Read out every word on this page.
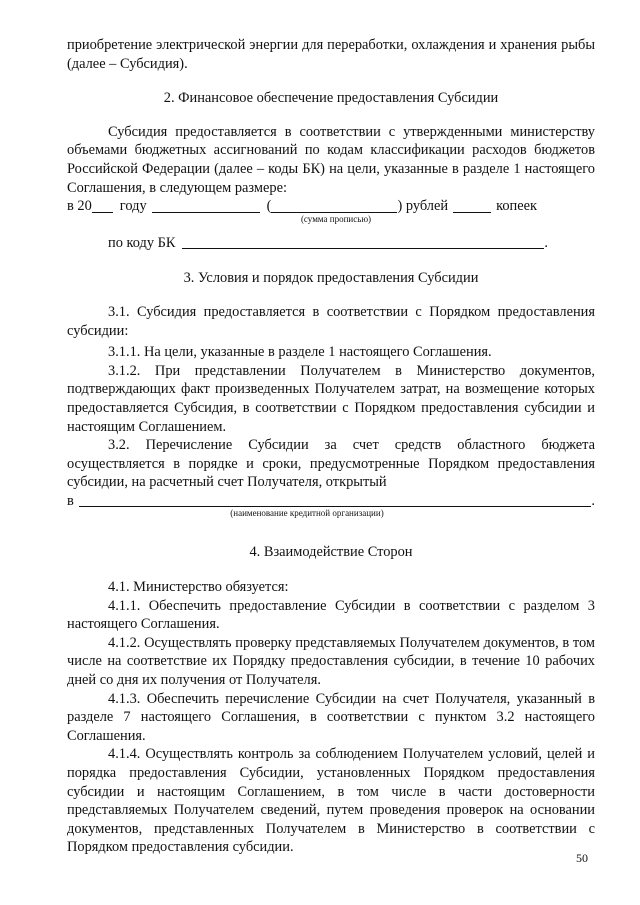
приобретение электрической энергии для переработки, охлаждения и хранения рыбы (далее – Субсидия).

2. Финансовое обеспечение предоставления Субсидии

Субсидия предоставляется в соответствии с утвержденными министерству объемами бюджетных ассигнований по кодам классификации расходов бюджетов Российской Федерации (далее – коды БК) на цели, указанные в разделе 1 настоящего Соглашения, в следующем размере:

в 20 году	(	) рублей	копеек
(сумма прописью)
по коду БК	.

3. Условия и порядок предоставления Субсидии

3.1. Субсидия предоставляется в соответствии с Порядком предоставления субсидии:

3.1.1. На цели, указанные в разделе 1 настоящего Соглашения.

3.1.2. При представлении Получателем в Министерство документов, подтверждающих факт произведенных Получателем затрат, на возмещение которых предоставляется Субсидия, в соответствии с Порядком предоставления субсидии и настоящим Соглашением.

3.2. Перечисление Субсидии за счет средств областного бюджета осуществляется в порядке и сроки, предусмотренные Порядком предоставления субсидии, на расчетный счет Получателя, открытый

в	.
(наименование кредитной организации)

4. Взаимодействие Сторон

4.1. Министерство обязуется:

4.1.1. Обеспечить предоставление Субсидии в соответствии с разделом 3 настоящего Соглашения.

4.1.2. Осуществлять проверку представляемых Получателем документов, в том числе на соответствие их Порядку предоставления субсидии, в течение 10 рабочих дней со дня их получения от Получателя.

4.1.3. Обеспечить перечисление Субсидии на счет Получателя, указанный в разделе 7 настоящего Соглашения, в соответствии с пунктом 3.2 настоящего Соглашения.

4.1.4. Осуществлять контроль за соблюдением Получателем условий, целей и порядка предоставления Субсидии, установленных Порядком предоставления субсидии и настоящим Соглашением, в том числе в части достоверности представляемых Получателем сведений, путем проведения проверок на основании документов, представленных Получателем в Министерство в соответствии с Порядком предоставления субсидии.

50
